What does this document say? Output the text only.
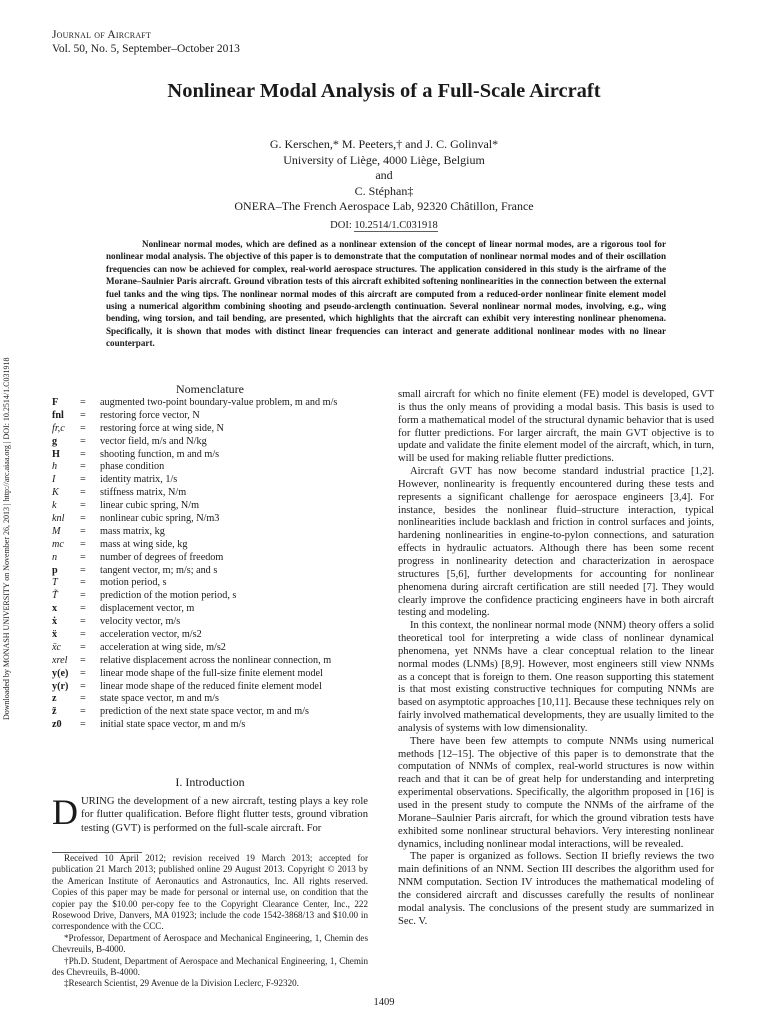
Journal of Aircraft
Vol. 50, No. 5, September–October 2013
Nonlinear Modal Analysis of a Full-Scale Aircraft
G. Kerschen,* M. Peeters,† and J. C. Golinval*
University of Liège, 4000 Liège, Belgium
and
C. Stéphan‡
ONERA–The French Aerospace Lab, 92320 Châtillon, France
DOI: 10.2514/1.C031918
Nonlinear normal modes, which are defined as a nonlinear extension of the concept of linear normal modes, are a rigorous tool for nonlinear modal analysis. The objective of this paper is to demonstrate that the computation of nonlinear normal modes and of their oscillation frequencies can now be achieved for complex, real-world aerospace structures. The application considered in this study is the airframe of the Morane–Saulnier Paris aircraft. Ground vibration tests of this aircraft exhibited softening nonlinearities in the connection between the external fuel tanks and the wing tips. The nonlinear normal modes of this aircraft are computed from a reduced-order nonlinear finite element model using a numerical algorithm combining shooting and pseudo-arclength continuation. Several nonlinear normal modes, involving, e.g., wing bending, wing torsion, and tail bending, are presented, which highlights that the aircraft can exhibit very interesting nonlinear phenomena. Specifically, it is shown that modes with distinct linear frequencies can interact and generate additional nonlinear modes with no linear counterpart.
Downloaded by MONASH UNIVERSITY on November 26, 2013 | http://arc.aiaa.org | DOI: 10.2514/1.C031918	Nomenclature
F	=	augmented two-point boundary-value problem, m and m/s
fnl	=	restoring force vector, N
fr,c	=	restoring force at wing side, N
g	=	vector field, m/s and N/kg
H	=	shooting function, m and m/s
h	=	phase condition
I	=	identity matrix, 1/s
K	=	stiffness matrix, N/m
k	=	linear cubic spring, N/m
knl	=	nonlinear cubic spring, N/m3
M	=	mass matrix, kg
mc	=	mass at wing side, kg
n	=	number of degrees of freedom
p	=	tangent vector, m; m/s; and s
T	=	motion period, s
T̃	=	prediction of the motion period, s
x	=	displacement vector, m
ẋ	=	velocity vector, m/s
ẍ	=	acceleration vector, m/s2
ẍc	=	acceleration at wing side, m/s2
xrel	=	relative displacement across the nonlinear connection, m
y(e)	=	linear mode shape of the full-size finite element model
y(r)	=	linear mode shape of the reduced finite element model
z	=	state space vector, m and m/s
z̃	=	prediction of the next state space vector, m and m/s
z0	=	initial state space vector, m and m/s
I. Introduction
DURING the development of a new aircraft, testing plays a key role for flutter qualification. Before flight flutter tests, ground vibration testing (GVT) is performed on the full-scale aircraft. For

Received 10 April 2012; revision received 19 March 2013; accepted for publication 21 March 2013; published online 29 August 2013. Copyright © 2013 by the American Institute of Aeronautics and Astronautics, Inc. All rights reserved. Copies of this paper may be made for personal or internal use, on condition that the copier pay the $10.00 per-copy fee to the Copyright Clearance Center, Inc., 222 Rosewood Drive, Danvers, MA 01923; include the code 1542-3868/13 and $10.00 in correspondence with the CCC.

*Professor, Department of Aerospace and Mechanical Engineering, 1, Chemin des Chevreuils, B-4000.

†Ph.D. Student, Department of Aerospace and Mechanical Engineering, 1, Chemin des Chevreuils, B-4000.

‡Research Scientist, 29 Avenue de la Division Leclerc, F-92320.

small aircraft for which no finite element (FE) model is developed, GVT is thus the only means of providing a modal basis. This basis is used to form a mathematical model of the structural dynamic behavior that is used for flutter predictions. For larger aircraft, the main GVT objective is to update and validate the finite element model of the aircraft, which, in turn, will be used for making reliable flutter predictions.

Aircraft GVT has now become standard industrial practice [1,2]. However, nonlinearity is frequently encountered during these tests and represents a significant challenge for aerospace engineers [3,4]. For instance, besides the nonlinear fluid–structure interaction, typical nonlinearities include backlash and friction in control surfaces and joints, hardening nonlinearities in engine-to-pylon connections, and saturation effects in hydraulic actuators. Although there has been some recent progress in nonlinearity detection and characterization in aerospace structures [5,6], further developments for accounting for nonlinear phenomena during aircraft certification are still needed [7]. They would clearly improve the confidence practicing engineers have in both aircraft testing and modeling.

In this context, the nonlinear normal mode (NNM) theory offers a solid theoretical tool for interpreting a wide class of nonlinear dynamical phenomena, yet NNMs have a clear conceptual relation to the linear normal modes (LNMs) [8,9]. However, most engineers still view NNMs as a concept that is foreign to them. One reason supporting this statement is that most existing constructive techniques for computing NNMs are based on asymptotic approaches [10,11]. Because these techniques rely on fairly involved mathematical developments, they are usually limited to the analysis of systems with low dimensionality.

There have been few attempts to compute NNMs using numerical methods [12–15]. The objective of this paper is to demonstrate that the computation of NNMs of complex, real-world structures is now within reach and that it can be of great help for understanding and interpreting experimental observations. Specifically, the algorithm proposed in [16] is used in the present study to compute the NNMs of the airframe of the Morane–Saulnier Paris aircraft, for which the ground vibration tests have exhibited some nonlinear structural behaviors. Very interesting nonlinear dynamics, including nonlinear modal interactions, will be revealed.

The paper is organized as follows. Section II briefly reviews the two main definitions of an NNM. Section III describes the algorithm used for NNM computation. Section IV introduces the mathematical modeling of the considered aircraft and discusses carefully the results of nonlinear modal analysis. The conclusions of the present study are summarized in Sec. V.

1409
